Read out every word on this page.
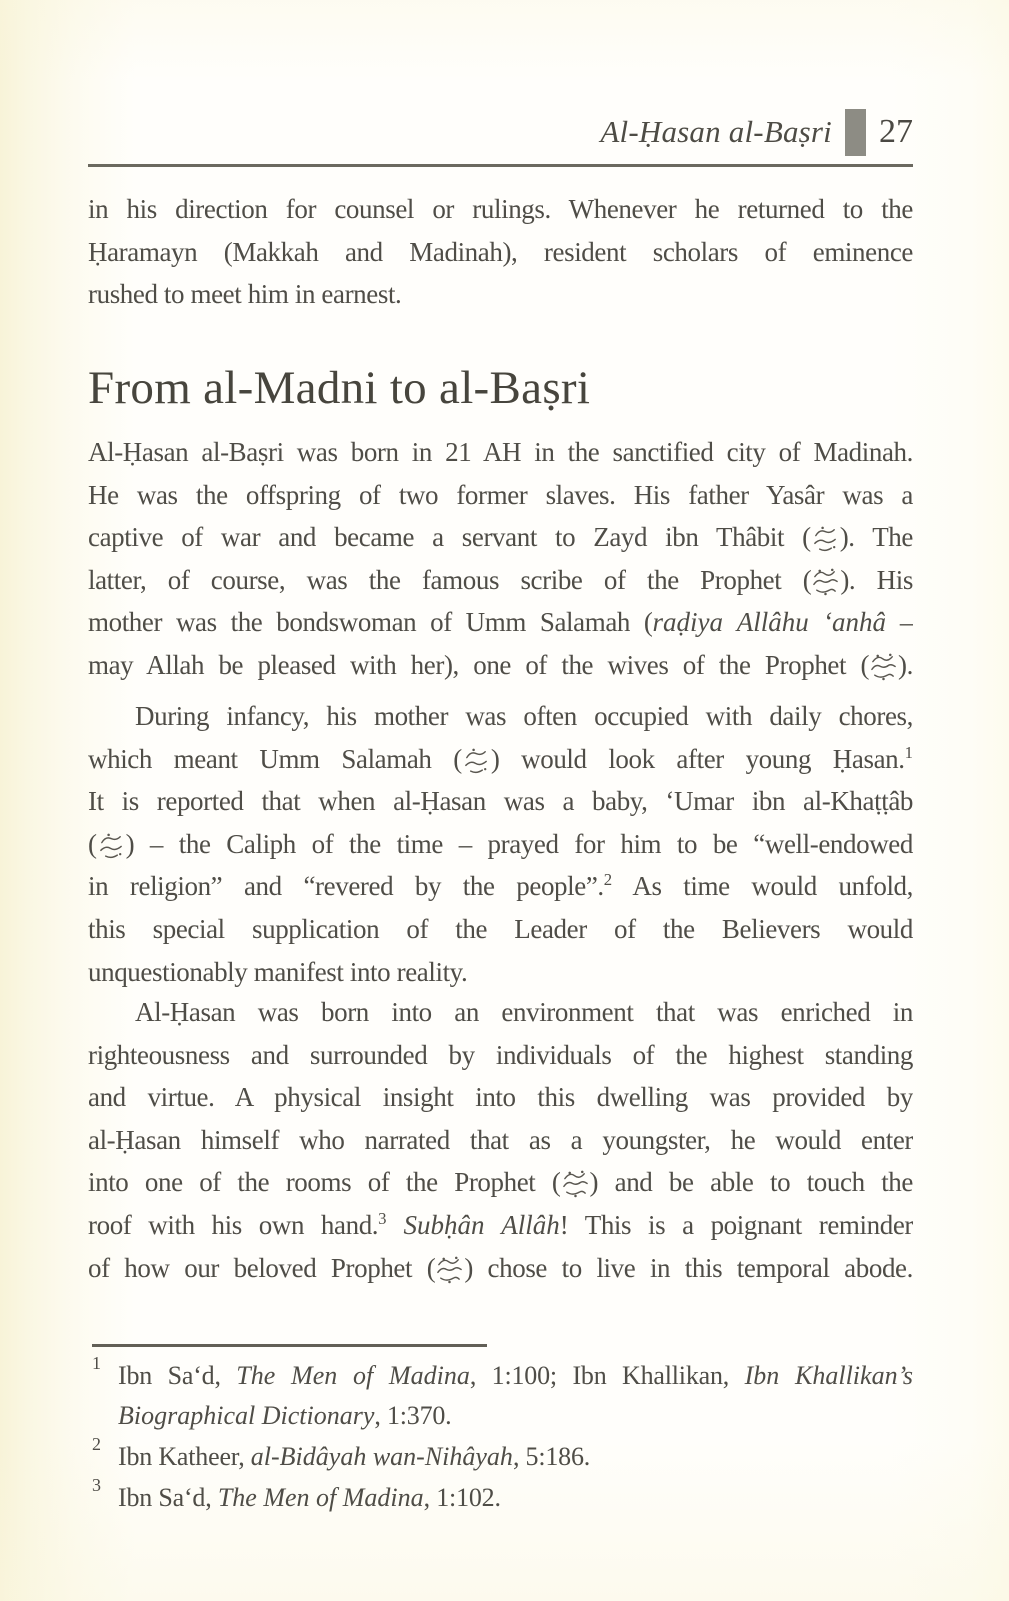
Al-Ḥasan al-Baṣri 27
in his direction for counsel or rulings. Whenever he returned to the
Ḥaramayn (Makkah and Madinah), resident scholars of eminence
rushed to meet him in earnest.
From al-Madni to al-Baṣri
Al-Ḥasan al-Baṣri was born in 21 AH in the sanctified city of Madinah.
He was the offspring of two former slaves. His father Yasâr was a
captive of war and became a servant to Zayd ibn Thâbit ( ). The
latter, of course, was the famous scribe of the Prophet ( ). His
mother was the bondswoman of Umm Salamah (raḍiya Allâhu ‘anhâ –
may Allah be pleased with her), one of the wives of the Prophet ( ).
During infancy, his mother was often occupied with daily chores,
which meant Umm Salamah ( ) would look after young Ḥasan.$^1$
It is reported that when al-Ḥasan was a baby, ‘Umar ibn al-Khaṭṭâb
( ) – the Caliph of the time – prayed for him to be “well-endowed
in religion” and “revered by the people”.$^2$ As time would unfold,
this special supplication of the Leader of the Believers would
unquestionably manifest into reality.
Al-Ḥasan was born into an environment that was enriched in
righteousness and surrounded by individuals of the highest standing
and virtue. A physical insight into this dwelling was provided by
al-Ḥasan himself who narrated that as a youngster, he would enter
into one of the rooms of the Prophet ( ) and be able to touch the
roof with his own hand.$^3$ Subḥân Allâh! This is a poignant reminder
of how our beloved Prophet ( ) chose to live in this temporal abode.
1 Ibn Sa‘d, The Men of Madina, 1:100; Ibn Khallikan, Ibn Khallikan’s
Biographical Dictionary, 1:370.
2 Ibn Katheer, al-Bidâyah wan-Nihâyah, 5:186.
3 Ibn Sa‘d, The Men of Madina, 1:102.
